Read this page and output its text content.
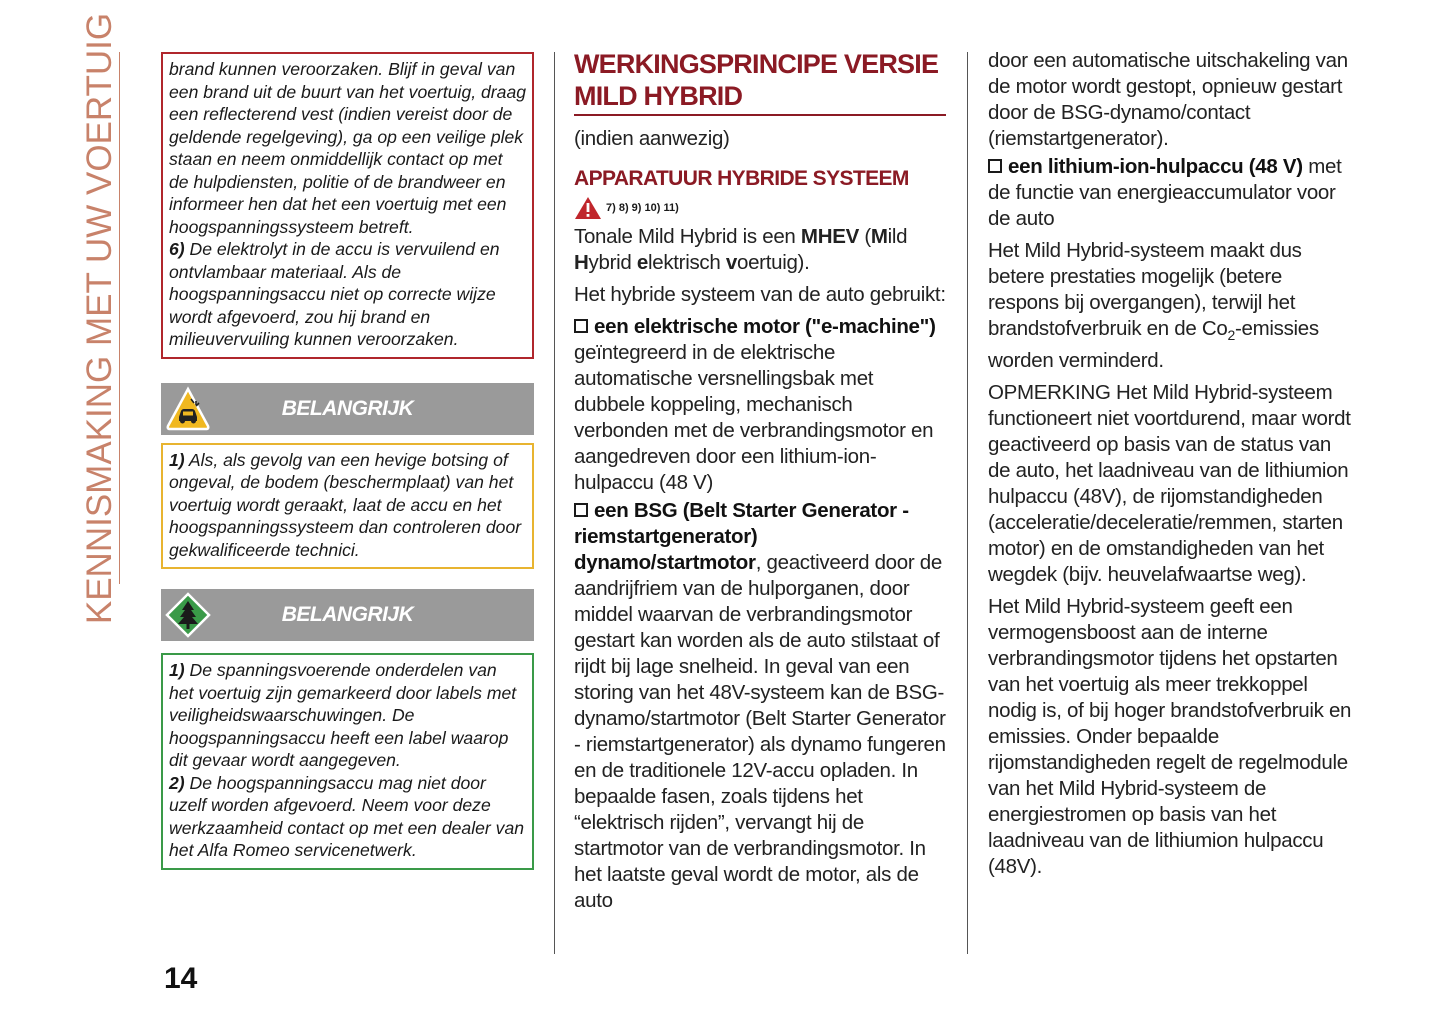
KENNISMAKING MET UW VOERTUIG	brand kunnen veroorzaken. Blijf in geval van een brand uit de buurt van het voertuig, draag een reflecterend vest (indien vereist door de geldende regelgeving), ga op een veilige plek staan en neem onmiddellijk contact op met de hulpdiensten, politie of de brandweer en informeer hen dat het een voertuig met een hoogspanningssysteem betreft.

6) De elektrolyt in de accu is vervuilend en ontvlambaar materiaal. Als de hoogspanningsaccu niet op correcte wijze wordt afgevoerd, zou hij brand en milieuvervuiling kunnen veroorzaken.

BELANGRIJK

1) Als, als gevolg van een hevige botsing of ongeval, de bodem (beschermplaat) van het voertuig wordt geraakt, laat de accu en het hoogspanningssysteem dan controleren door gekwalificeerde technici.

BELANGRIJK

1) De spanningsvoerende onderdelen van het voertuig zijn gemarkeerd door labels met veiligheidswaarschuwingen. De hoogspanningsaccu heeft een label waarop dit gevaar wordt aangegeven.

2) De hoogspanningsaccu mag niet door uzelf worden afgevoerd. Neem voor deze werkzaamheid contact op met een dealer van het Alfa Romeo servicenetwerk.

WERKINGSPRINCIPE VERSIE MILD HYBRID
(indien aanwezig)
APPARATUUR HYBRIDE SYSTEEM
7) 8) 9) 10) 11)
Tonale Mild Hybrid is een MHEV (Mild Hybrid elektrisch voertuig).
Het hybride systeem van de auto gebruikt:
een elektrische motor ("e-machine") geïntegreerd in de elektrische automatische versnellingsbak met dubbele koppeling, mechanisch verbonden met de verbrandingsmotor en aangedreven door een lithium-ion-hulpaccu (48 V)
een BSG (Belt Starter Generator - riemstartgenerator) dynamo/startmotor, geactiveerd door de aandrijfriem van de hulporganen, door middel waarvan de verbrandingsmotor gestart kan worden als de auto stilstaat of rijdt bij lage snelheid. In geval van een storing van het 48V-systeem kan de BSG-dynamo/startmotor (Belt Starter Generator - riemstartgenerator) als dynamo fungeren en de traditionele 12V-accu opladen. In bepaalde fasen, zoals tijdens het “elektrisch rijden”, vervangt hij de startmotor van de verbrandingsmotor. In het laatste geval wordt de motor, als de auto
door een automatische uitschakeling van de motor wordt gestopt, opnieuw gestart door de BSG-dynamo/contact (riemstartgenerator).
een lithium-ion-hulpaccu (48 V) met de functie van energieaccumulator voor de auto
Het Mild Hybrid-systeem maakt dus betere prestaties mogelijk (betere respons bij overgangen), terwijl het brandstofverbruik en de $Co_2$-emissies worden verminderd.
OPMERKING Het Mild Hybrid-systeem functioneert niet voortdurend, maar wordt geactiveerd op basis van de status van de auto, het laadniveau van de lithiumion hulpaccu (48V), de rijomstandigheden (acceleratie/deceleratie/remmen, starten motor) en de omstandigheden van het wegdek (bijv. heuvelafwaartse weg).
Het Mild Hybrid-systeem geeft een vermogensboost aan de interne verbrandingsmotor tijdens het opstarten van het voertuig als meer trekkoppel nodig is, of bij hoger brandstofverbruik en emissies. Onder bepaalde rijomstandigheden regelt de regelmodule van het Mild Hybrid-systeem de energiestromen op basis van het laadniveau van de lithiumion hulpaccu (48V).
14
